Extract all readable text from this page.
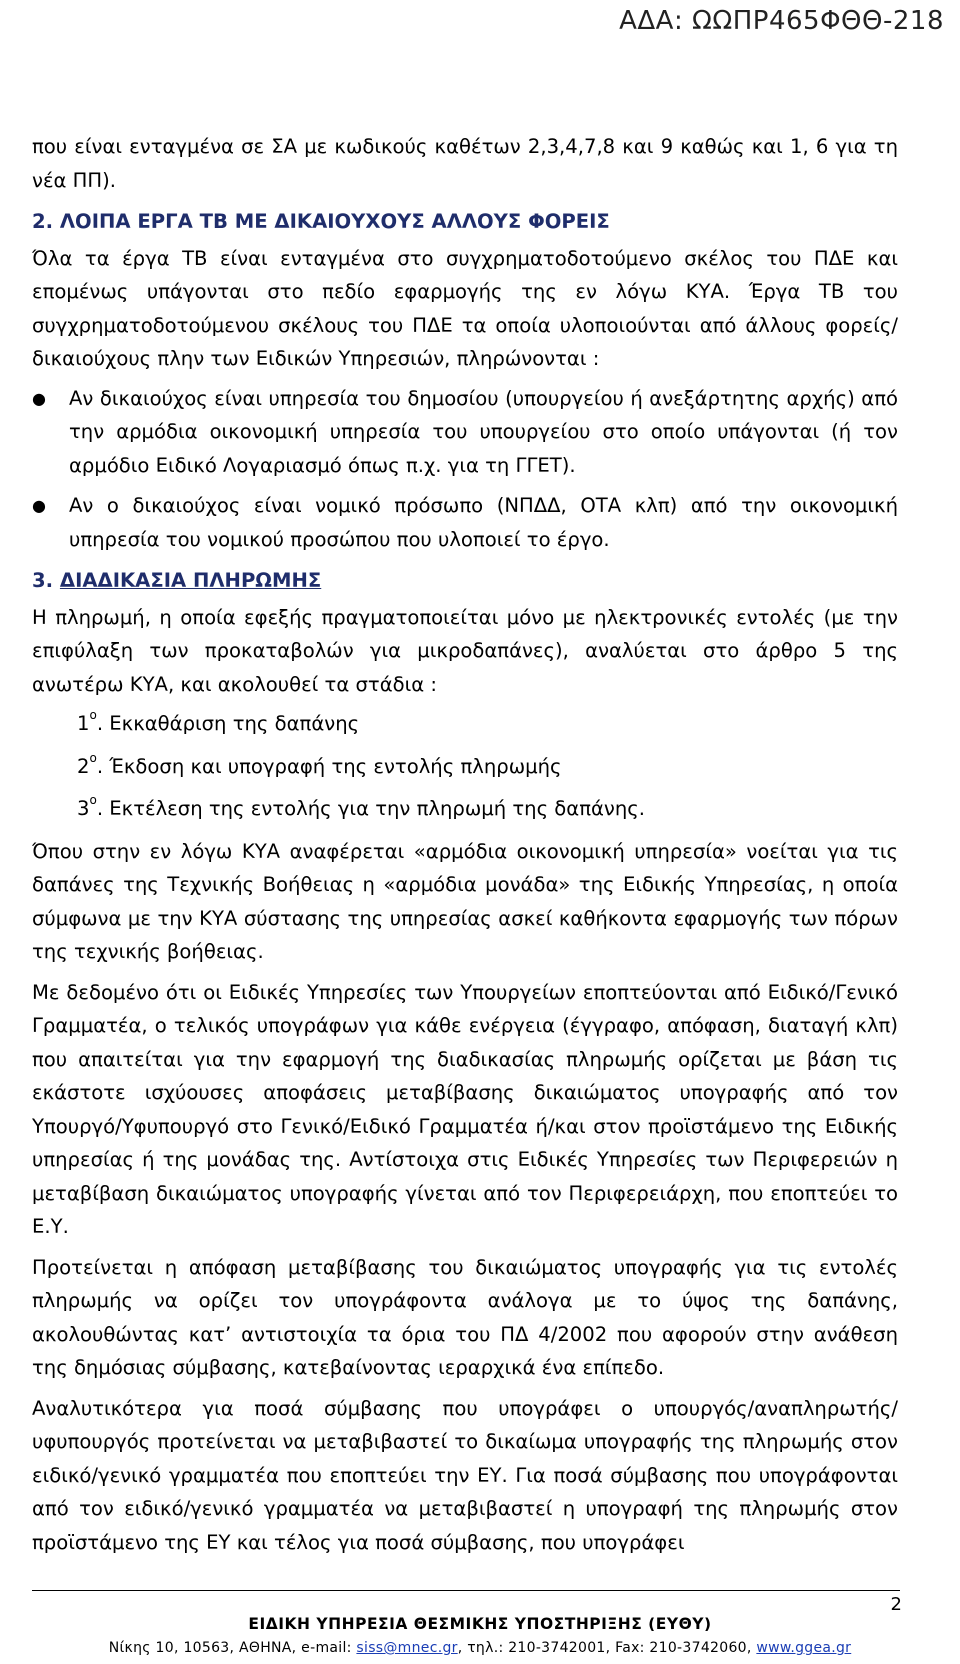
ΑΔΑ: ΩΩΠΡ465ΦΘΘ-218

που είναι ενταγμένα σε ΣΑ με κωδικούς καθέτων 2,3,4,7,8 και 9 καθώς και 1, 6 για τη νέα ΠΠ).

2. ΛΟΙΠΑ ΕΡΓΑ ΤΒ ΜΕ ΔΙΚΑΙΟΥΧΟΥΣ ΑΛΛΟΥΣ ΦΟΡΕΙΣ

Όλα τα έργα ΤΒ είναι ενταγμένα στο συγχρηματοδοτούμενο σκέλος του ΠΔΕ και επομένως υπάγονται στο πεδίο εφαρμογής της εν λόγω ΚΥΑ. Έργα ΤΒ του συγχρηματοδοτούμενου σκέλους του ΠΔΕ τα οποία υλοποιούνται από άλλους φορείς/δικαιούχους πλην των Ειδικών Υπηρεσιών, πληρώνονται :

● Αν δικαιούχος είναι υπηρεσία του δημοσίου (υπουργείου ή ανεξάρτητης αρχής) από την αρμόδια οικονομική υπηρεσία του υπουργείου στο οποίο υπάγονται (ή τον αρμόδιο Ειδικό Λογαριασμό όπως π.χ. για τη ΓΓΕΤ).
● Αν ο δικαιούχος είναι νομικό πρόσωπο (ΝΠΔΔ, ΟΤΑ κλπ) από την οικονομική υπηρεσία του νομικού προσώπου που υλοποιεί το έργο.
3. ΔΙΑΔΙΚΑΣΙΑ ΠΛΗΡΩΜΗΣ

Η πληρωμή, η οποία εφεξής πραγματοποιείται μόνο με ηλεκτρονικές εντολές (με την επιφύλαξη των προκαταβολών για μικροδαπάνες), αναλύεται στο άρθρο 5 της ανωτέρω ΚΥΑ, και ακολουθεί τα στάδια :

$1^o$. Εκκαθάριση της δαπάνης
$2^o$. Έκδοση και υπογραφή της εντολής πληρωμής
$3^o$. Εκτέλεση της εντολής για την πληρωμή της δαπάνης.

Όπου στην εν λόγω ΚΥΑ αναφέρεται «αρμόδια οικονομική υπηρεσία» νοείται για τις δαπάνες της Τεχνικής Βοήθειας η «αρμόδια μονάδα» της Ειδικής Υπηρεσίας, η οποία σύμφωνα με την ΚΥΑ σύστασης της υπηρεσίας ασκεί καθήκοντα εφαρμογής των πόρων της τεχνικής βοήθειας.

Με δεδομένο ότι οι Ειδικές Υπηρεσίες των Υπουργείων εποπτεύονται από Ειδικό/Γενικό Γραμματέα, ο τελικός υπογράφων για κάθε ενέργεια (έγγραφο, απόφαση, διαταγή κλπ) που απαιτείται για την εφαρμογή της διαδικασίας πληρωμής ορίζεται με βάση τις εκάστοτε ισχύουσες αποφάσεις μεταβίβασης δικαιώματος υπογραφής από τον Υπουργό/Υφυπουργό στο Γενικό/Ειδικό Γραμματέα ή/και στον προϊστάμενο της Ειδικής υπηρεσίας ή της μονάδας της. Αντίστοιχα στις Ειδικές Υπηρεσίες των Περιφερειών η μεταβίβαση δικαιώματος υπογραφής γίνεται από τον Περιφερειάρχη, που εποπτεύει το Ε.Υ.

Προτείνεται η απόφαση μεταβίβασης του δικαιώματος υπογραφής για τις εντολές πληρωμής να ορίζει τον υπογράφοντα ανάλογα με το ύψος της δαπάνης, ακολουθώντας κατ’ αντιστοιχία τα όρια του ΠΔ 4/2002 που αφορούν στην ανάθεση της δημόσιας σύμβασης, κατεβαίνοντας ιεραρχικά ένα επίπεδο.

Αναλυτικότερα για ποσά σύμβασης που υπογράφει ο υπουργός/αναπληρωτής/ υφυπουργός προτείνεται να μεταβιβαστεί το δικαίωμα υπογραφής της πληρωμής στον ειδικό/γενικό γραμματέα που εποπτεύει την ΕΥ. Για ποσά σύμβασης που υπογράφονται από τον ειδικό/γενικό γραμματέα να μεταβιβαστεί η υπογραφή της πληρωμής στον προϊστάμενο της ΕΥ και τέλος για ποσά σύμβασης, που υπογράφει

2
ΕΙΔΙΚΗ ΥΠΗΡΕΣΙΑ ΘΕΣΜΙΚΗΣ ΥΠΟΣΤΗΡΙΞΗΣ (ΕΥΘΥ)
Νίκης 10, 10563, ΑΘΗΝΑ, e-mail: siss@mnec.gr, τηλ.: 210-3742001, Fax: 210-3742060, www.ggea.gr
